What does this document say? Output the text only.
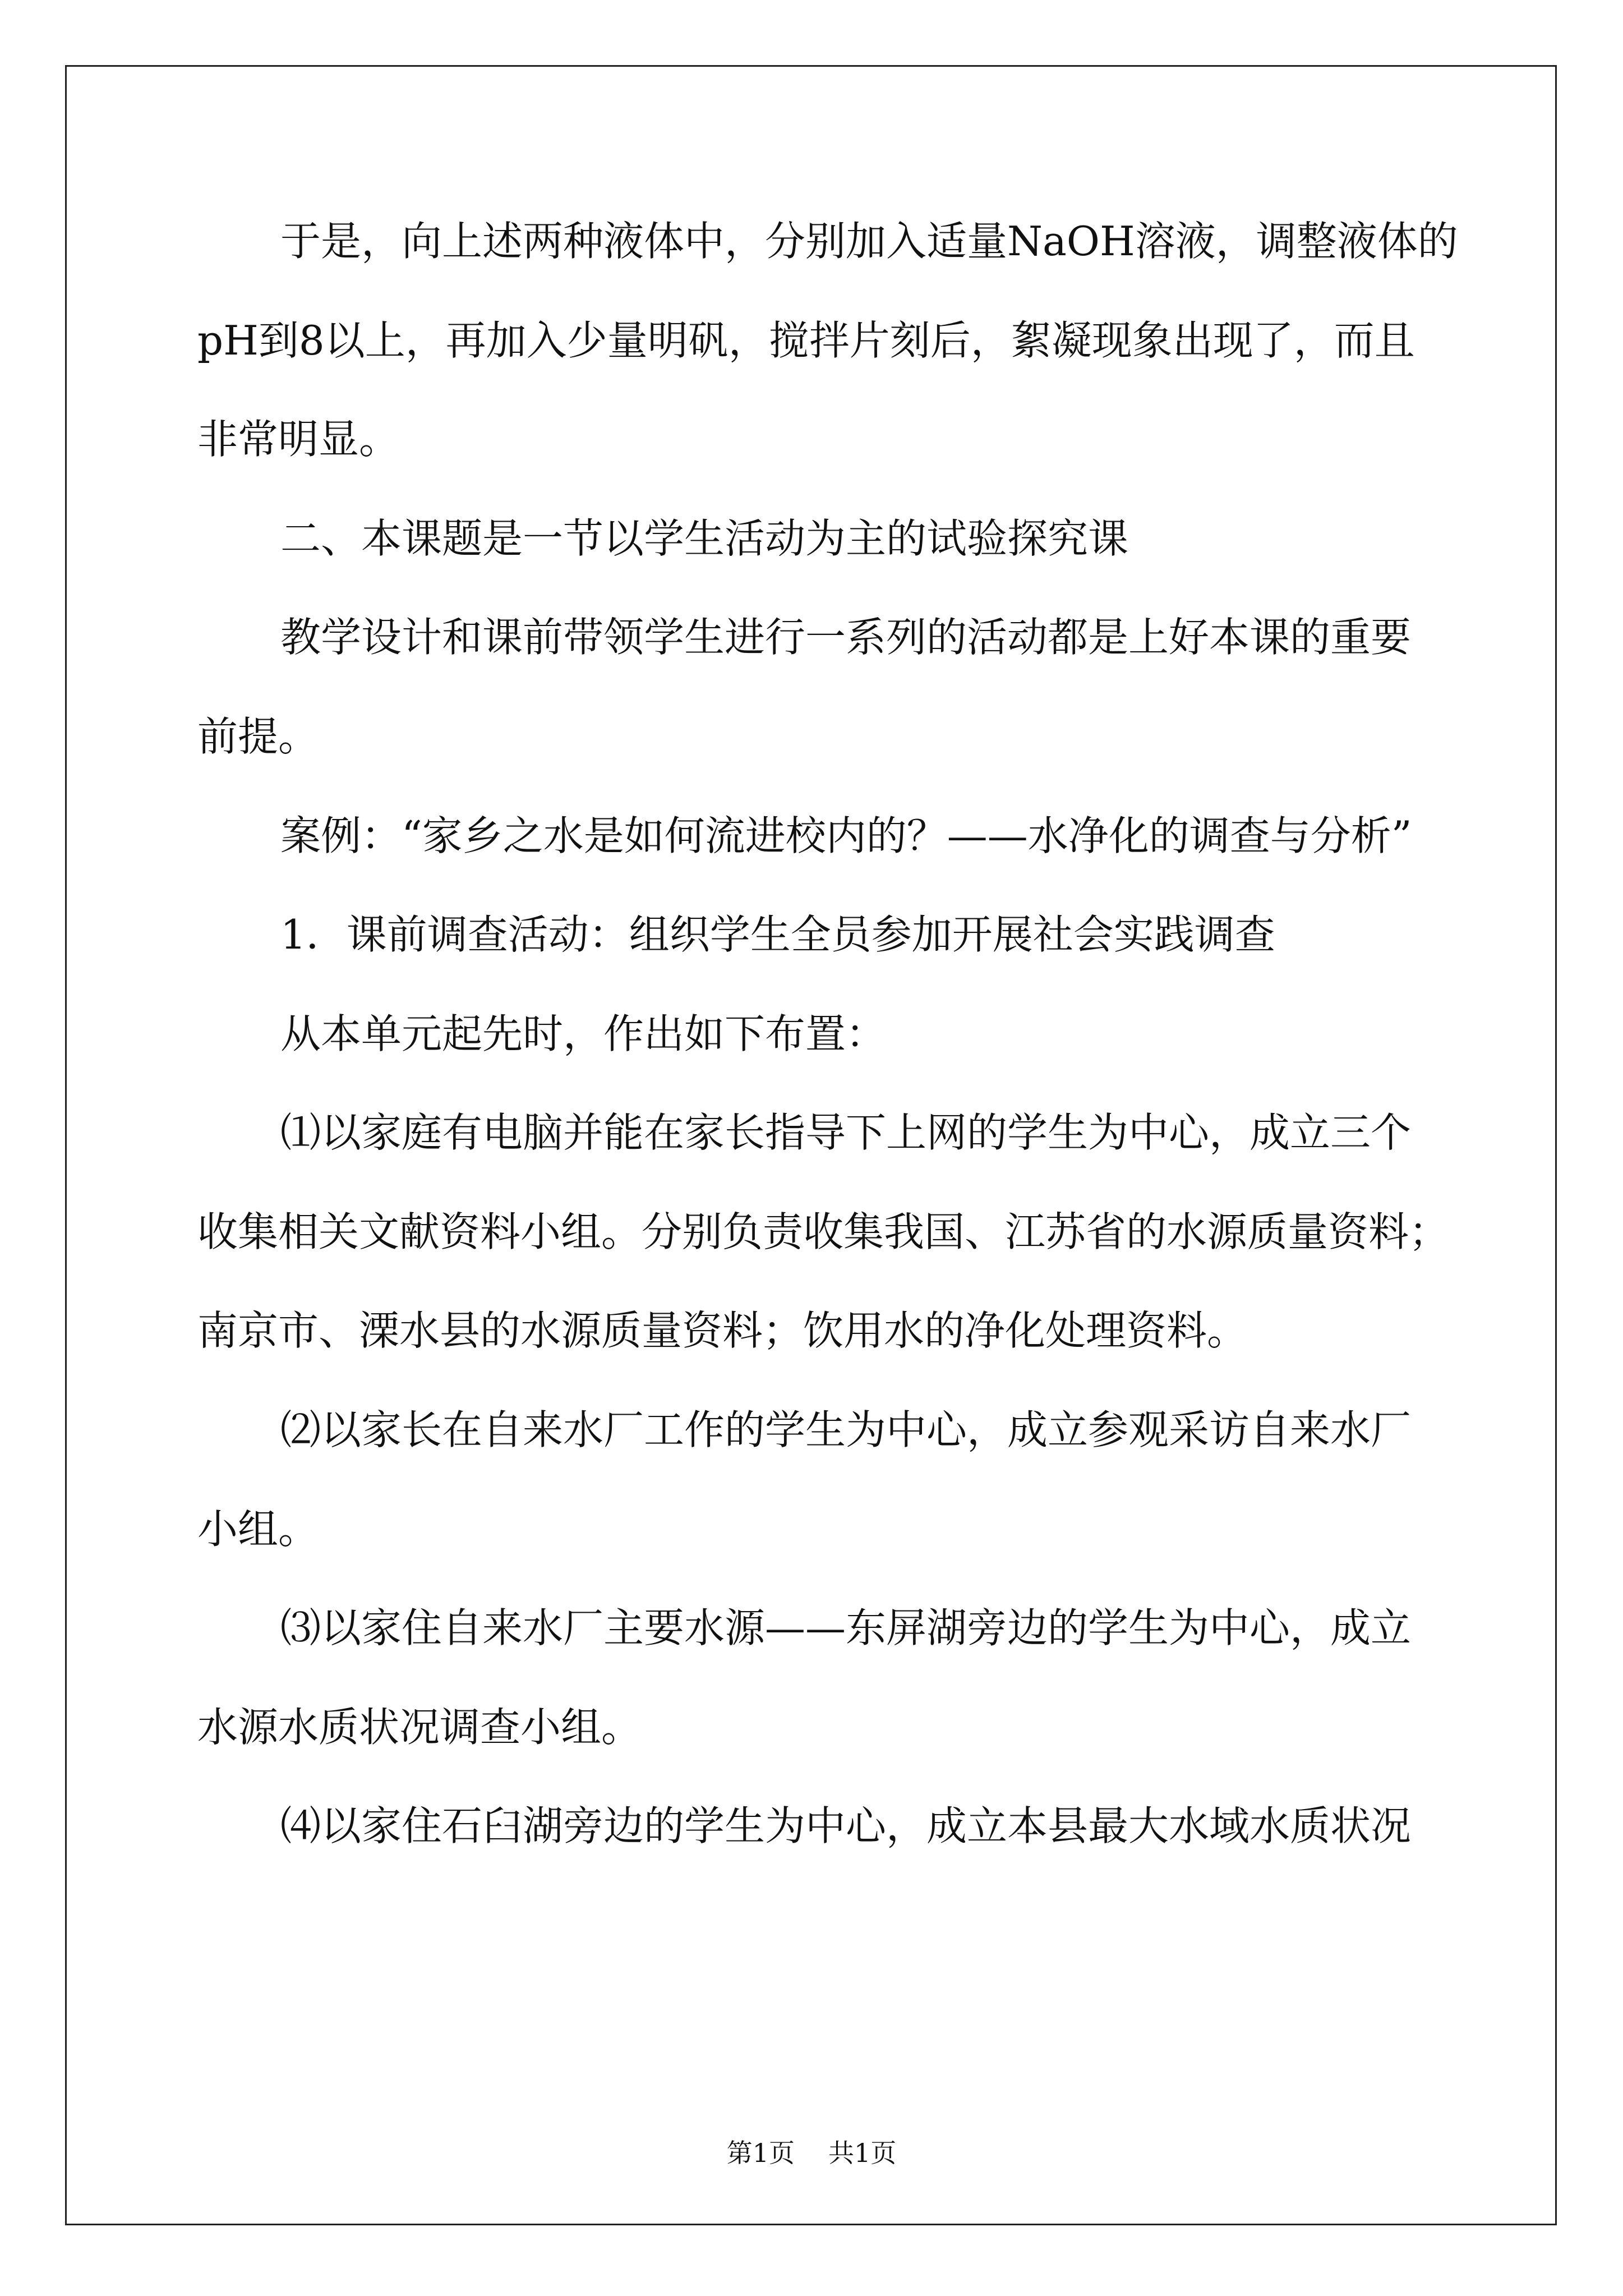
于是，向上述两种液体中，分别加入适量NaOH溶液，调整液体的
pH到8以上，再加入少量明矾，搅拌片刻后，絮凝现象出现了，而且
非常明显。
二、本课题是一节以学生活动为主的试验探究课
教学设计和课前带领学生进行一系列的活动都是上好本课的重要
前提。
案例：“家乡之水是如何流进校内的？——水净化的调查与分析”
1．课前调查活动：组织学生全员参加开展社会实践调查
从本单元起先时，作出如下布置：
⑴以家庭有电脑并能在家长指导下上网的学生为中心，成立三个
收集相关文献资料小组。分别负责收集我国、江苏省的水源质量资料；
南京市、溧水县的水源质量资料；饮用水的净化处理资料。
⑵以家长在自来水厂工作的学生为中心，成立参观采访自来水厂
小组。
⑶以家住自来水厂主要水源——东屏湖旁边的学生为中心，成立
水源水质状况调查小组。
⑷以家住石臼湖旁边的学生为中心，成立本县最大水域水质状况
第1页 共1页
